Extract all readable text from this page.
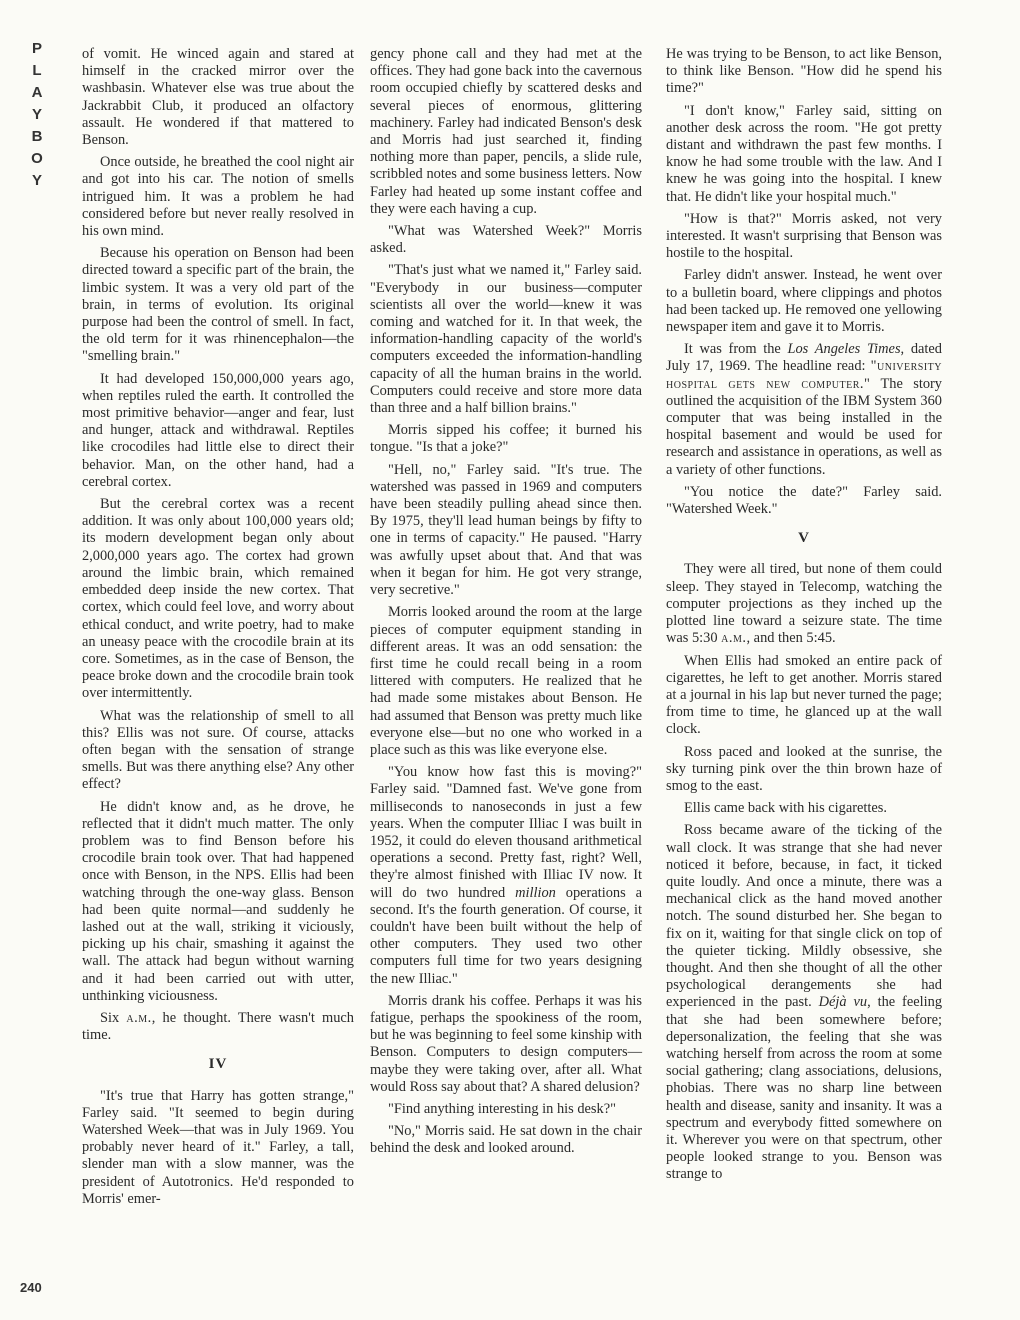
P
L
A
Y
B
O
Y
240

of vomit. He winced again and stared at himself in the cracked mirror over the washbasin. Whatever else was true about the Jackrabbit Club, it produced an olfactory assault. He wondered if that mattered to Benson.

Once outside, he breathed the cool night air and got into his car. The notion of smells intrigued him. It was a problem he had considered before but never really resolved in his own mind.

Because his operation on Benson had been directed toward a specific part of the brain, the limbic system. It was a very old part of the brain, in terms of evolution. Its original purpose had been the control of smell. In fact, the old term for it was rhinencephalon—the "smelling brain."

It had developed 150,000,000 years ago, when reptiles ruled the earth. It controlled the most primitive behavior—anger and fear, lust and hunger, attack and withdrawal. Reptiles like crocodiles had little else to direct their behavior. Man, on the other hand, had a cerebral cortex.

But the cerebral cortex was a recent addition. It was only about 100,000 years old; its modern development began only about 2,000,000 years ago. The cortex had grown around the limbic brain, which remained embedded deep inside the new cortex. That cortex, which could feel love, and worry about ethical conduct, and write poetry, had to make an uneasy peace with the crocodile brain at its core. Sometimes, as in the case of Benson, the peace broke down and the crocodile brain took over intermittently.

What was the relationship of smell to all this? Ellis was not sure. Of course, attacks often began with the sensation of strange smells. But was there anything else? Any other effect?

He didn't know and, as he drove, he reflected that it didn't much matter. The only problem was to find Benson before his crocodile brain took over. That had happened once with Benson, in the NPS. Ellis had been watching through the one-way glass. Benson had been quite normal—and suddenly he lashed out at the wall, striking it viciously, picking up his chair, smashing it against the wall. The attack had begun without warning and it had been carried out with utter, unthinking viciousness.

Six a.m., he thought. There wasn't much time.

IV

"It's true that Harry has gotten strange," Farley said. "It seemed to begin during Watershed Week—that was in July 1969. You probably never heard of it." Farley, a tall, slender man with a slow manner, was the president of Autotronics. He'd responded to Morris' emer-

gency phone call and they had met at the offices. They had gone back into the cavernous room occupied chiefly by scattered desks and several pieces of enormous, glittering machinery. Farley had indicated Benson's desk and Morris had just searched it, finding nothing more than paper, pencils, a slide rule, scribbled notes and some business letters. Now Farley had heated up some instant coffee and they were each having a cup.

"What was Watershed Week?" Morris asked.

"That's just what we named it," Farley said. "Everybody in our business—computer scientists all over the world—knew it was coming and watched for it. In that week, the information-handling capacity of the world's computers exceeded the information-handling capacity of all the human brains in the world. Computers could receive and store more data than three and a half billion brains."

Morris sipped his coffee; it burned his tongue. "Is that a joke?"

"Hell, no," Farley said. "It's true. The watershed was passed in 1969 and computers have been steadily pulling ahead since then. By 1975, they'll lead human beings by fifty to one in terms of capacity." He paused. "Harry was awfully upset about that. And that was when it began for him. He got very strange, very secretive."

Morris looked around the room at the large pieces of computer equipment standing in different areas. It was an odd sensation: the first time he could recall being in a room littered with computers. He realized that he had made some mistakes about Benson. He had assumed that Benson was pretty much like everyone else—but no one who worked in a place such as this was like everyone else.

"You know how fast this is moving?" Farley said. "Damned fast. We've gone from milliseconds to nanoseconds in just a few years. When the computer Illiac I was built in 1952, it could do eleven thousand arithmetical operations a second. Pretty fast, right? Well, they're almost finished with Illiac IV now. It will do two hundred million operations a second. It's the fourth generation. Of course, it couldn't have been built without the help of other computers. They used two other computers full time for two years designing the new Illiac."

Morris drank his coffee. Perhaps it was his fatigue, perhaps the spookiness of the room, but he was beginning to feel some kinship with Benson. Computers to design computers—maybe they were taking over, after all. What would Ross say about that? A shared delusion?

"Find anything interesting in his desk?"

"No," Morris said. He sat down in the chair behind the desk and looked around.

He was trying to be Benson, to act like Benson, to think like Benson. "How did he spend his time?"

"I don't know," Farley said, sitting on another desk across the room. "He got pretty distant and withdrawn the past few months. I know he had some trouble with the law. And I knew he was going into the hospital. I knew that. He didn't like your hospital much."

"How is that?" Morris asked, not very interested. It wasn't surprising that Benson was hostile to the hospital.

Farley didn't answer. Instead, he went over to a bulletin board, where clippings and photos had been tacked up. He removed one yellowing newspaper item and gave it to Morris.

It was from the Los Angeles Times, dated July 17, 1969. The headline read: "university hospital gets new computer." The story outlined the acquisition of the IBM System 360 computer that was being installed in the hospital basement and would be used for research and assistance in operations, as well as a variety of other functions.

"You notice the date?" Farley said. "Watershed Week."

V

They were all tired, but none of them could sleep. They stayed in Telecomp, watching the computer projections as they inched up the plotted line toward a seizure state. The time was 5:30 a.m., and then 5:45.

When Ellis had smoked an entire pack of cigarettes, he left to get another. Morris stared at a journal in his lap but never turned the page; from time to time, he glanced up at the wall clock.

Ross paced and looked at the sunrise, the sky turning pink over the thin brown haze of smog to the east.

Ellis came back with his cigarettes.

Ross became aware of the ticking of the wall clock. It was strange that she had never noticed it before, because, in fact, it ticked quite loudly. And once a minute, there was a mechanical click as the hand moved another notch. The sound disturbed her. She began to fix on it, waiting for that single click on top of the quieter ticking. Mildly obsessive, she thought. And then she thought of all the other psychological derangements she had experienced in the past. Déjà vu, the feeling that she had been somewhere before; depersonalization, the feeling that she was watching herself from across the room at some social gathering; clang associations, delusions, phobias. There was no sharp line between health and disease, sanity and insanity. It was a spectrum and everybody fitted somewhere on it. Wherever you were on that spectrum, other people looked strange to you. Benson was strange to
